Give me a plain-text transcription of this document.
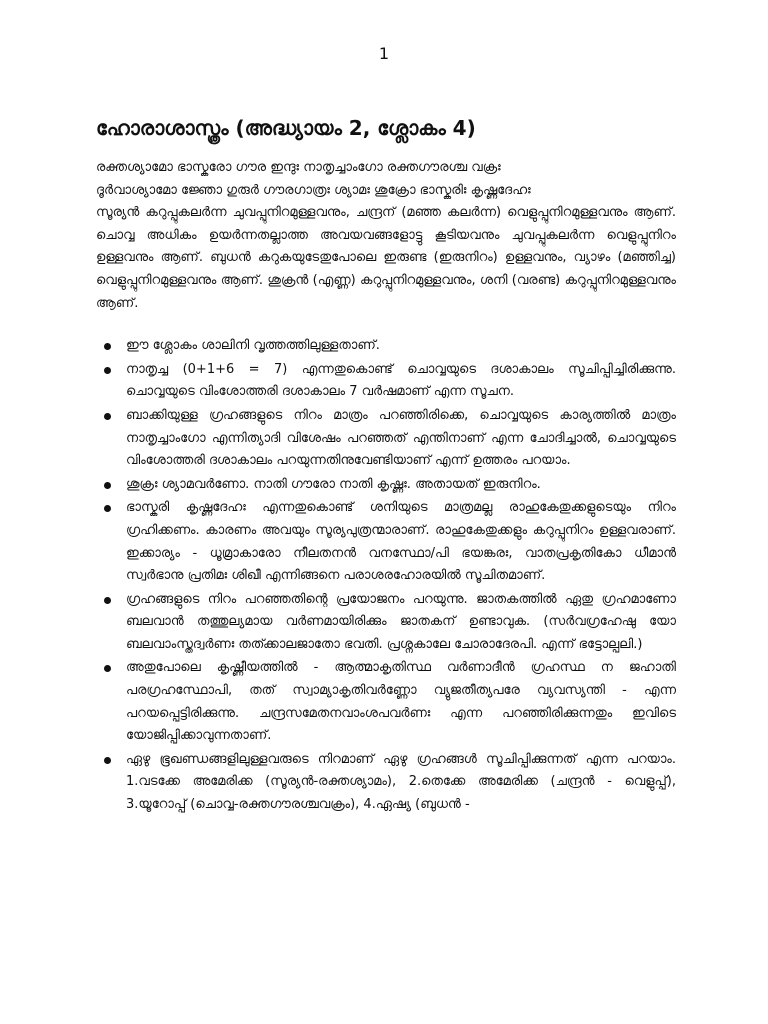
1
ഹോരാശാസ്ത്രം (അദ്ധ്യായം 2, ശ്ലോകം 4)

രക്തശ്യാമോ ഭാസ്കരോ ഗൗര ഇന്ദുഃ നാതൃച്ചാംഗോ രക്തഗൗരശ്ച വക്രഃ
ദൂർവാശ്യാമോ ജ്ഞോ ഗുരുർ ഗൗരഗാത്രഃ ശ്യാമഃ ശുക്രോ ഭാസ്കരിഃ കൃഷ്ണദേഹഃ
സൂര്യൻ കറുപ്പുകലർന്ന ചുവപ്പുനിറമുള്ളവനും, ചന്ദ്രന് (മഞ്ഞ കലർന്ന) വെളുപ്പുനിറമുള്ളവനും ആണ്. ചൊവ്വ അധികം ഉയർന്നതല്ലാത്ത അവയവങ്ങളോട്ടു കൂടിയവനും ചുവപ്പുകലർന്ന വെളുപ്പുനിറം ഉള്ളവനും ആണ്. ബുധൻ കറുകയുടേതുപോലെ ഇരുണ്ട (ഇരുനിറം) ഉള്ളവനും, വ്യാഴം (മഞ്ഞിച്ച) വെളുപ്പുനിറമുള്ളവനും ആണ്. ശുക്രൻ (എണ്ണ) കറുപ്പുനിറമുള്ളവനും, ശനി (വരണ്ട) കറുപ്പുനിറമുള്ളവനും ആണ്.

ഈ ശ്ലോകം ശാലിനി വൃത്തത്തിലുള്ളതാണ്.
നാതൃച്ച (0+1+6 = 7) എന്നതുകൊണ്ട് ചൊവ്വയുടെ ദശാകാലം സൂചിപ്പിച്ചിരിക്കുന്നു. ചൊവ്വയുടെ വിംശോത്തരി ദശാകാലം 7 വർഷമാണ് എന്ന സൂചന.
ബാക്കിയുള്ള ഗ്രഹങ്ങളുടെ നിറം മാത്രം പറഞ്ഞിരിക്കെ, ചൊവ്വയുടെ കാര്യത്തിൽ മാത്രം നാതൃച്ചാംഗോ എന്നിത്യാദി വിശേഷം പറഞ്ഞത് എന്തിനാണ് എന്ന ചോദിച്ചാൽ, ചൊവ്വയുടെ വിംശോത്തരി ദശാകാലം പറയുന്നതിനുവേണ്ടിയാണ് എന്ന് ഉത്തരം പറയാം.
ശുക്രഃ ശ്യാമവർണോ. നാതി ഗൗരോ നാതി കൃഷ്ണഃ. അതായത് ഇരുനിറം.
ഭാസ്കരി കൃഷ്ണദേഹഃ എന്നതുകൊണ്ട് ശനിയുടെ മാത്രമല്ല രാഹുകേതുക്കളുടെയും നിറം ഗ്രഹിക്കണം. കാരണം അവയും സൂര്യപുത്രന്മാരാണ്. രാഹുകേതുക്കളും കറുപ്പുനിറം ഉള്ളവരാണ്. ഇക്കാര്യം - ധൂമ്രാകാരോ നീലതനൻ വനസ്ഥോ/പി ഭയങ്കരഃ, വാതപ്രകൃതികോ ധീമാൻ സ്വർഭാനു പ്രതിമഃ ശിഖീ എന്നിങ്ങനെ പരാശരഹോരയിൽ സൂചിതമാണ്.
ഗ്രഹങ്ങളുടെ നിറം പറഞ്ഞതിന്റെ പ്രയോജനം പറയുന്നു. ജാതകത്തിൽ ഏതു ഗ്രഹമാണോ ബലവാൻ തത്തുല്യമായ വർണമായിരിക്കും ജാതകന് ഉണ്ടാവുക. (സർവഗ്രഹേഷു യോ ബലവാംസ്തദ്വർണഃ തത്ക്കാലജാതോ ഭവതി. പ്രശ്നകാലേ ചോരാദേരപി. എന്ന് ഭട്ടോല്പലി.)
അതുപോലെ കൃഷ്ണീയത്തിൽ - ആത്മാകൃതിസ്ഥ വർണാദീൻ ഗ്രഹസ്ഥ ന ജഹാതി പരഗ്രഹസ്ഥോപി, തത് സ്വാമ്യാകൃതിവർണ്ണോ വ്യുജതീത്യപരേ വ്യവസ്യന്തി - എന്ന പറയപ്പെട്ടിരിക്കുന്നു. ചന്ദ്രസമേതനവാംശപവർണഃ എന്ന പറഞ്ഞിരിക്കുന്നതും ഇവിടെ യോജിപ്പിക്കാവുന്നതാണ്.
ഏഴു ഭൂഖണ്ഡങ്ങളിലുള്ളവരുടെ നിറമാണ് ഏഴു ഗ്രഹങ്ങൾ സൂചിപ്പിക്കുന്നത് എന്ന പറയാം. 1.വടക്കേ അമേരിക്ക (സൂര്യൻ-രക്തശ്യാമം), 2.തെക്കേ അമേരിക്ക (ചന്ദ്രൻ - വെളുപ്പ്), 3.യൂറോപ്പ് (ചൊവ്വ-രക്തഗൗരശ്ചവക്രം), 4.ഏഷ്യ (ബുധൻ -
